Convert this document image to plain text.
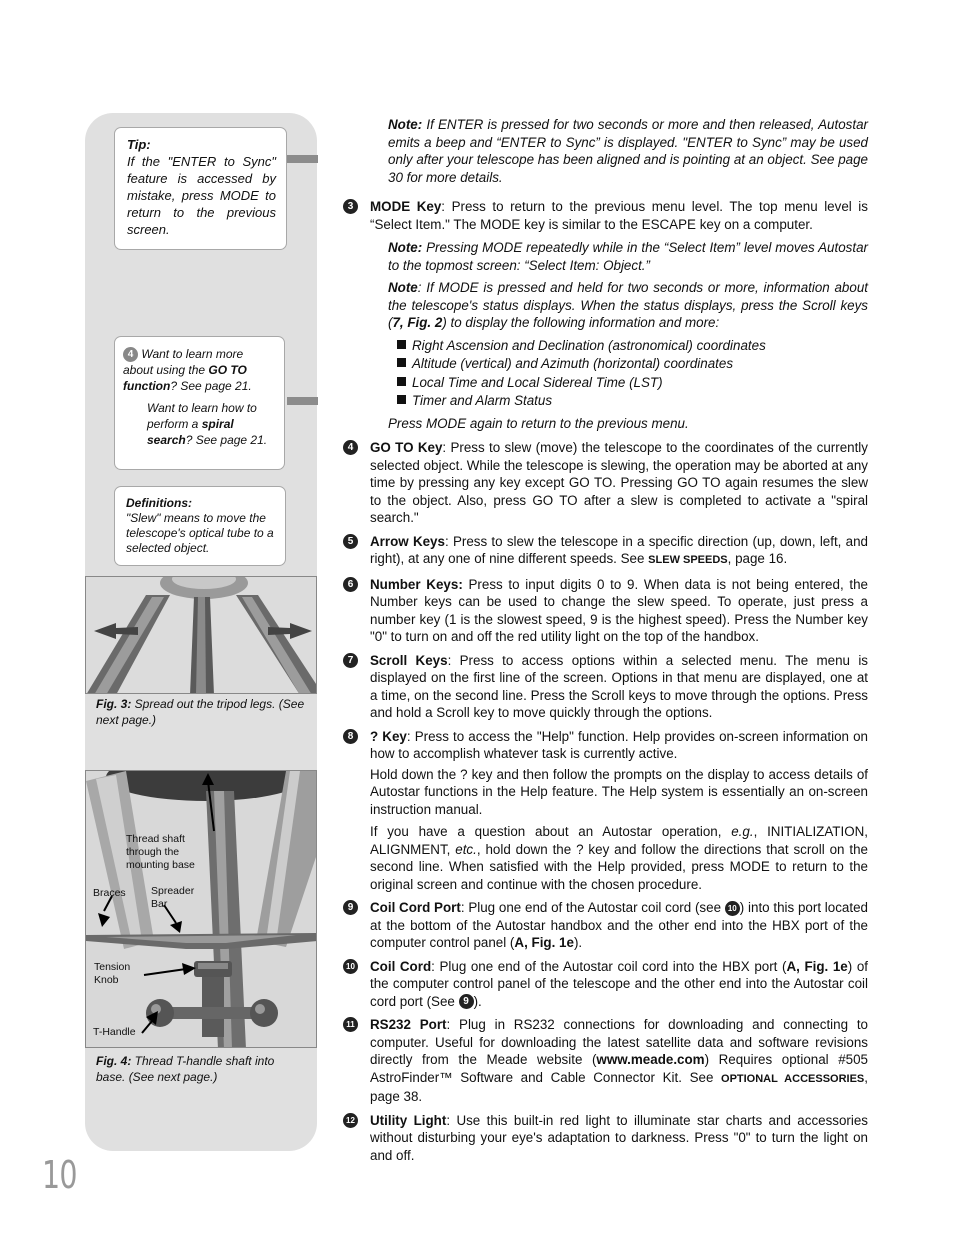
Tip:
If the "ENTER to Sync" feature is accessed by mistake, press MODE to return to the previous screen.
4 Want to learn more about using the GO TO function? See page 21.
Want to learn how to perform a spiral search? See page 21.
Definitions:
"Slew" means to move the telescope's optical tube to a selected object.
Fig. 3: Spread out the tripod legs. (See next page.)
Thread shaft through the mounting base
Braces Spreader Bar
Tension Knob
T-Handle
Fig. 4: Thread T-handle shaft into base. (See next page.)
10
Note: If ENTER is pressed for two seconds or more and then released, Autostar emits a beep and “ENTER to Sync” is displayed. "ENTER to Sync” may be used only after your telescope has been aligned and is pointing at an object. See page 30 for more details.
3	MODE Key: Press to return to the previous menu level. The top menu level is “Select Item." The MODE key is similar to the ESCAPE key on a computer.
Note: Pressing MODE repeatedly while in the “Select Item” level moves Autostar to the topmost screen: “Select Item: Object.”
Note: If MODE is pressed and held for two seconds or more, information about the telescope's status displays. When the status displays, press the Scroll keys (7, Fig. 2) to display the following information and more:
Right Ascension and Declination (astronomical) coordinates
Altitude (vertical) and Azimuth (horizontal) coordinates
Local Time and Local Sidereal Time (LST)
Timer and Alarm Status
Press MODE again to return to the previous menu.
4	GO TO Key: Press to slew (move) the telescope to the coordinates of the currently selected object. While the telescope is slewing, the operation may be aborted at any time by pressing any key except GO TO. Pressing GO TO again resumes the slew to the object. Also, press GO TO after a slew is completed to activate a "spiral search."
5	Arrow Keys: Press to slew the telescope in a specific direction (up, down, left, and right), at any one of nine different speeds. See SLEW SPEEDS, page 16.
6	Number Keys: Press to input digits 0 to 9. When data is not being entered, the Number keys can be used to change the slew speed. To operate, just press a number key (1 is the slowest speed, 9 is the highest speed). Press the Number key "0" to turn on and off the red utility light on the top of the handbox.
7	Scroll Keys: Press to access options within a selected menu. The menu is displayed on the first line of the screen. Options in that menu are displayed, one at a time, on the second line. Press the Scroll keys to move through the options. Press and hold a Scroll key to move quickly through the options.
8	? Key: Press to access the "Help" function. Help provides on-screen information on how to accomplish whatever task is currently active.
Hold down the ? key and then follow the prompts on the display to access details of Autostar functions in the Help feature. The Help system is essentially an on-screen instruction manual.
If you have a question about an Autostar operation, e.g., INITIALIZATION, ALIGNMENT, etc., hold down the ? key and follow the directions that scroll on the second line. When satisfied with the Help provided, press MODE to return to the original screen and continue with the chosen procedure.
9	Coil Cord Port: Plug one end of the Autostar coil cord (see 10 ) into this port located at the bottom of the Autostar handbox and the other end into the HBX port of the computer control panel (A, Fig. 1e).
10 Coil Cord: Plug one end of the Autostar coil cord into the HBX port (A, Fig. 1e) of the computer control panel of the telescope and the other end into the Autostar coil cord port (See 9 ).
11 RS232 Port: Plug in RS232 connections for downloading and connecting to computer. Useful for downloading the latest satellite data and software revisions directly from the Meade website (www.meade.com) Requires optional #505 AstroFinder™ Software and Cable Connector Kit. See OPTIONAL ACCESSORIES, page 38.
12 Utility Light: Use this built-in red light to illuminate star charts and accessories without disturbing your eye's adaptation to darkness. Press "0" to turn the light on and off.
